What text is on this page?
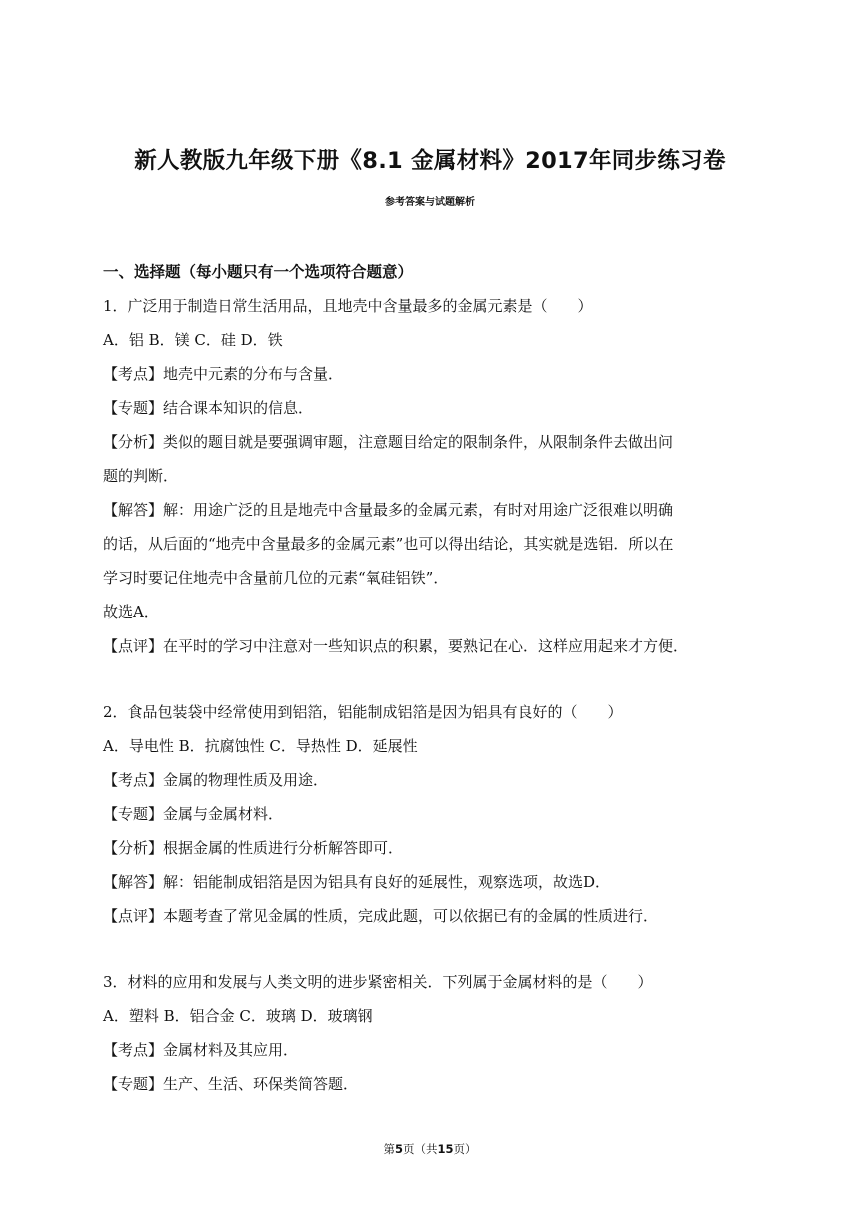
新人教版九年级下册《8.1 金属材料》2017年同步练习卷
参考答案与试题解析

一、选择题（每小题只有一个选项符合题意）

1．广泛用于制造日常生活用品，且地壳中含量最多的金属元素是（　　）

A．铝 B．镁 C．硅 D．铁

【考点】地壳中元素的分布与含量．

【专题】结合课本知识的信息．

【分析】类似的题目就是要强调审题，注意题目给定的限制条件，从限制条件去做出问

题的判断．

【解答】解：用途广泛的且是地壳中含量最多的金属元素，有时对用途广泛很难以明确

的话，从后面的“地壳中含量最多的金属元素”也可以得出结论，其实就是选铝．所以在

学习时要记住地壳中含量前几位的元素“氧硅铝铁”．

故选A．

【点评】在平时的学习中注意对一些知识点的积累，要熟记在心．这样应用起来才方便．

2．食品包装袋中经常使用到铝箔，铝能制成铝箔是因为铝具有良好的（　　）

A．导电性 B．抗腐蚀性 C．导热性 D．延展性

【考点】金属的物理性质及用途．

【专题】金属与金属材料．

【分析】根据金属的性质进行分析解答即可．

【解答】解：铝能制成铝箔是因为铝具有良好的延展性，观察选项，故选D．

【点评】本题考查了常见金属的性质，完成此题，可以依据已有的金属的性质进行．

3．材料的应用和发展与人类文明的进步紧密相关．下列属于金属材料的是（　　）

A．塑料 B．铝合金 C．玻璃 D．玻璃钢

【考点】金属材料及其应用．

【专题】生产、生活、环保类简答题．

第5页（共15页）
